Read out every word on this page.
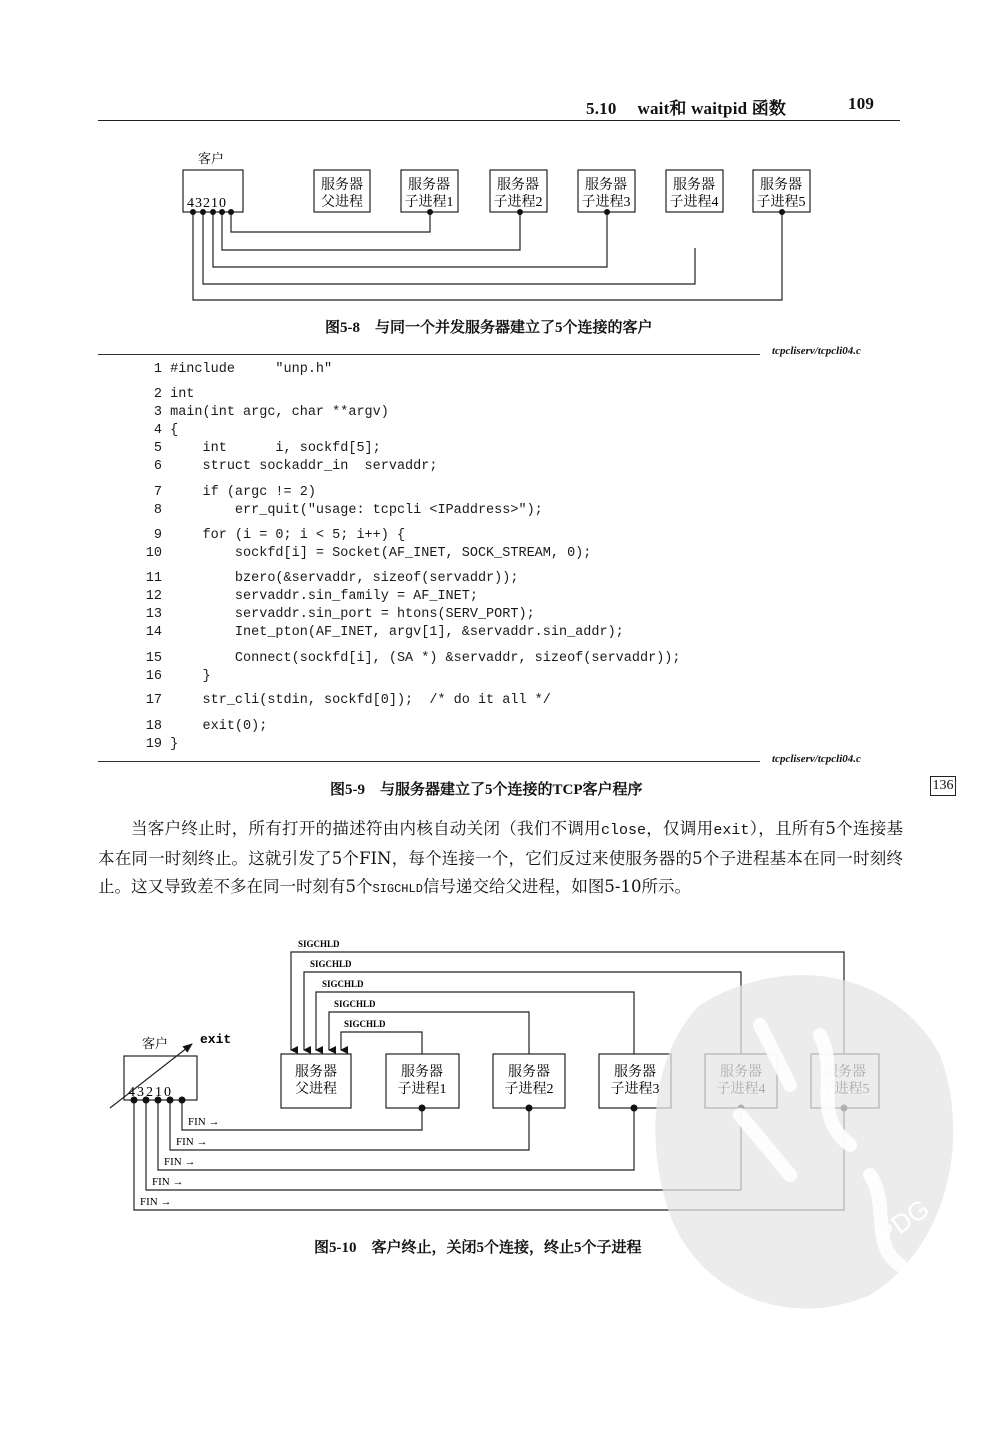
5.10 wait和 waitpid 函数	109
客户
43210
服务器
父进程
服务器
子进程1
服务器
子进程2
服务器
子进程3
服务器
子进程4
服务器
子进程5
图5-8　与同一个并发服务器建立了5个连接的客户
tcpcliserv/tcpcli04.c
1 #include     "unp.h"
2 int
3 main(int argc, char **argv)
4 {
5     int      i, sockfd[5];
6     struct sockaddr_in  servaddr;
7     if (argc != 2)
8         err_quit("usage: tcpcli <IPaddress>");
9     for (i = 0; i < 5; i++) {
10         sockfd[i] = Socket(AF_INET, SOCK_STREAM, 0);
11         bzero(&servaddr, sizeof(servaddr));
12         servaddr.sin_family = AF_INET;
13         servaddr.sin_port = htons(SERV_PORT);
14         Inet_pton(AF_INET, argv[1], &servaddr.sin_addr);
15         Connect(sockfd[i], (SA *) &servaddr, sizeof(servaddr));
16     }
17     str_cli(stdin, sockfd[0]);  /* do it all */
18     exit(0);
19 }
tcpcliserv/tcpcli04.c
图5-9　与服务器建立了5个连接的TCP客户程序	136
当客户终止时，所有打开的描述符由内核自动关闭（我们不调用close，仅调用exit），且所有5个连接基本在同一时刻终止。这就引发了5个FIN，每个连接一个，它们反过来使服务器的5个子进程基本在同一时刻终止。这又导致差不多在同一时刻有5个SIGCHLD信号递交给父进程，如图5-10所示。
SIGCHLD
SIGCHLD
SIGCHLD
SIGCHLD
SIGCHLD
FIN →
FIN →
FIN →
FIN →
FIN →
客户 exit
43210
服务器
父进程
服务器
子进程1
服务器
子进程2
服务器
子进程3
图5-10　客户终止，关闭5个连接，终止5个子进程	PDG
